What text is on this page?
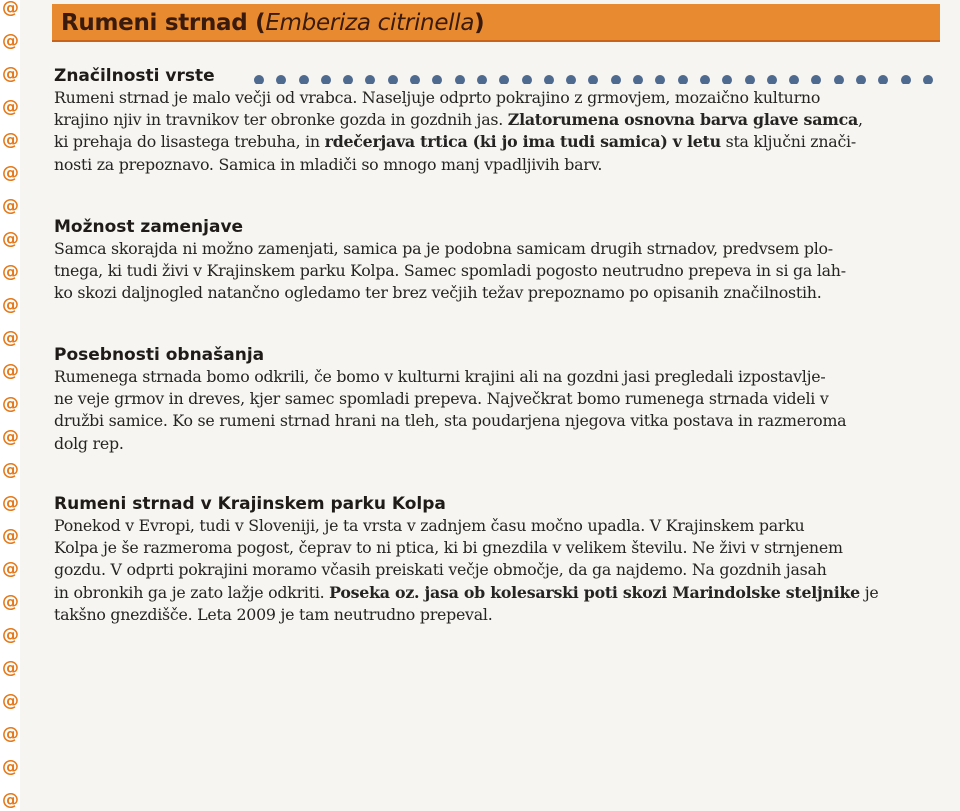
@
@
@
@
@
@
@
@
@
@
@
@
@
@
@
@
@
@
@
@
@
@
@
@
@
Rumeni strnad (Emberiza citrinella)
Značilnosti vrste
Rumeni strnad je malo večji od vrabca. Naseljuje odprto pokrajino z grmovjem, mozaično kulturno
krajino njiv in travnikov ter obronke gozda in gozdnih jas. Zlatorumena osnovna barva glave samca,
ki prehaja do lisastega trebuha, in rdečerjava trtica (ki jo ima tudi samica) v letu sta ključni znači-
nosti za prepoznavo. Samica in mladiči so mnogo manj vpadljivih barv.
Možnost zamenjave
Samca skorajda ni možno zamenjati, samica pa je podobna samicam drugih strnadov, predvsem plo-
tnega, ki tudi živi v Krajinskem parku Kolpa. Samec spomladi pogosto neutrudno prepeva in si ga lah-
ko skozi daljnogled natančno ogledamo ter brez večjih težav prepoznamo po opisanih značilnostih.
Posebnosti obnašanja
Rumenega strnada bomo odkrili, če bomo v kulturni krajini ali na gozdni jasi pregledali izpostavlje-
ne veje grmov in dreves, kjer samec spomladi prepeva. Največkrat bomo rumenega strnada videli v
družbi samice. Ko se rumeni strnad hrani na tleh, sta poudarjena njegova vitka postava in razmeroma
dolg rep.
Rumeni strnad v Krajinskem parku Kolpa
Ponekod v Evropi, tudi v Sloveniji, je ta vrsta v zadnjem času močno upadla. V Krajinskem parku
Kolpa je še razmeroma pogost, čeprav to ni ptica, ki bi gnezdila v velikem številu. Ne živi v strnjenem
gozdu. V odprti pokrajini moramo včasih preiskati večje območje, da ga najdemo. Na gozdnih jasah
in obronkih ga je zato lažje odkriti. Poseka oz. jasa ob kolesarski poti skozi Marindolske steljnike je
takšno gnezdišče. Leta 2009 je tam neutrudno prepeval.
